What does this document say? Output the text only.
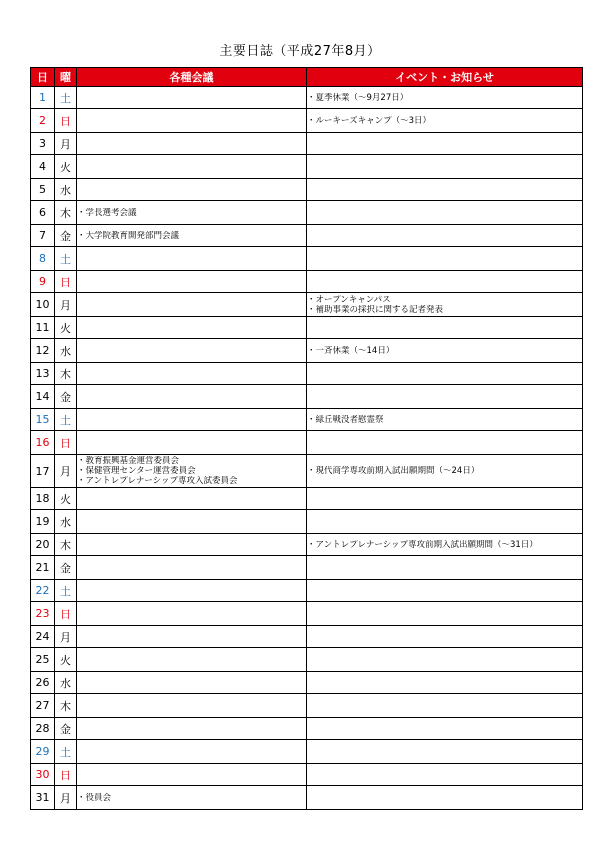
主要日誌（平成27年8月）
日	曜	各種会議	イベント・お知らせ
1	土		・夏季休業（～9月27日）

2	日		・ルーキーズキャンプ（～3日）

3	月		
4	火		
5	水		
6	木	・学長選考会議	

7	金	・大学院教育開発部門会議	

8	土		
9	日		
10	月		・オープンキャンパス
・補助事業の採択に関する記者発表

11	火		
12	水		・一斉休業（～14日）

13	木		
14	金		
15	土		・緑丘戦没者慰霊祭

16	日		
17	月	・教育振興基金運営委員会
・保健管理センター運営委員会
・アントレプレナーシップ専攻入試委員会	・現代商学専攻前期入試出願期間（～24日）

18	火		
19	水		
20	木		・アントレプレナーシップ専攻前期入試出願期間（～31日）

21	金		
22	土		
23	日		
24	月		
25	火		
26	水		
27	木		
28	金		
29	土		
30	日		
31	月	・役員会	
